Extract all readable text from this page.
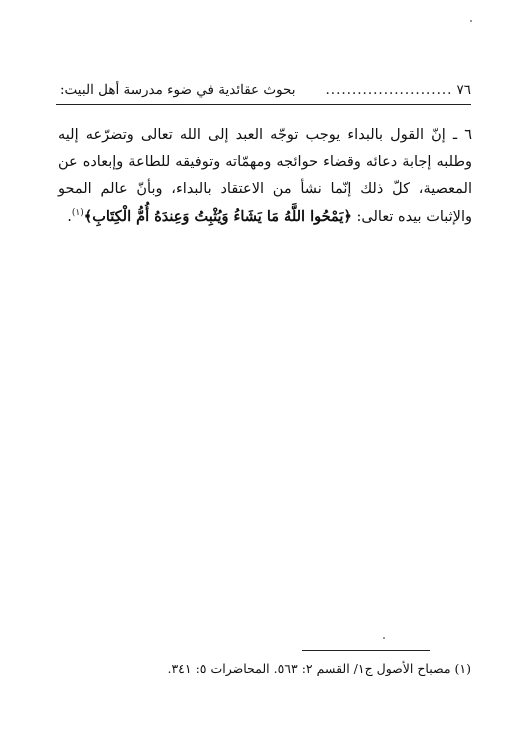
٧٦
........................
بحوث عقائدية في ضوء مدرسة أهل البيت:

٦ ـ إنّ القول بالبداء يوجب توجّه العبد إلى الله تعالى وتضرّعه إليه وطلبه إجابة دعائه وقضاء حوائجه ومهمّاته وتوفيقه للطاعة وإبعاده عن المعصية، كلّ ذلك إنّما نشأ من الاعتقاد بالبداء، وبأنّ عالم المحو والإثبات بيده تعالى: ﴿يَمْحُوا اللَّهُ مَا يَشَاءُ وَيُثْبِتُ وَعِندَهُ أُمُّ الْكِتَابِ﴾$^{(١)}$.

(١) مصباح الأصول ج١/ القسم ٢: ٥٦٣. المحاضرات ٥: ٣٤١.
